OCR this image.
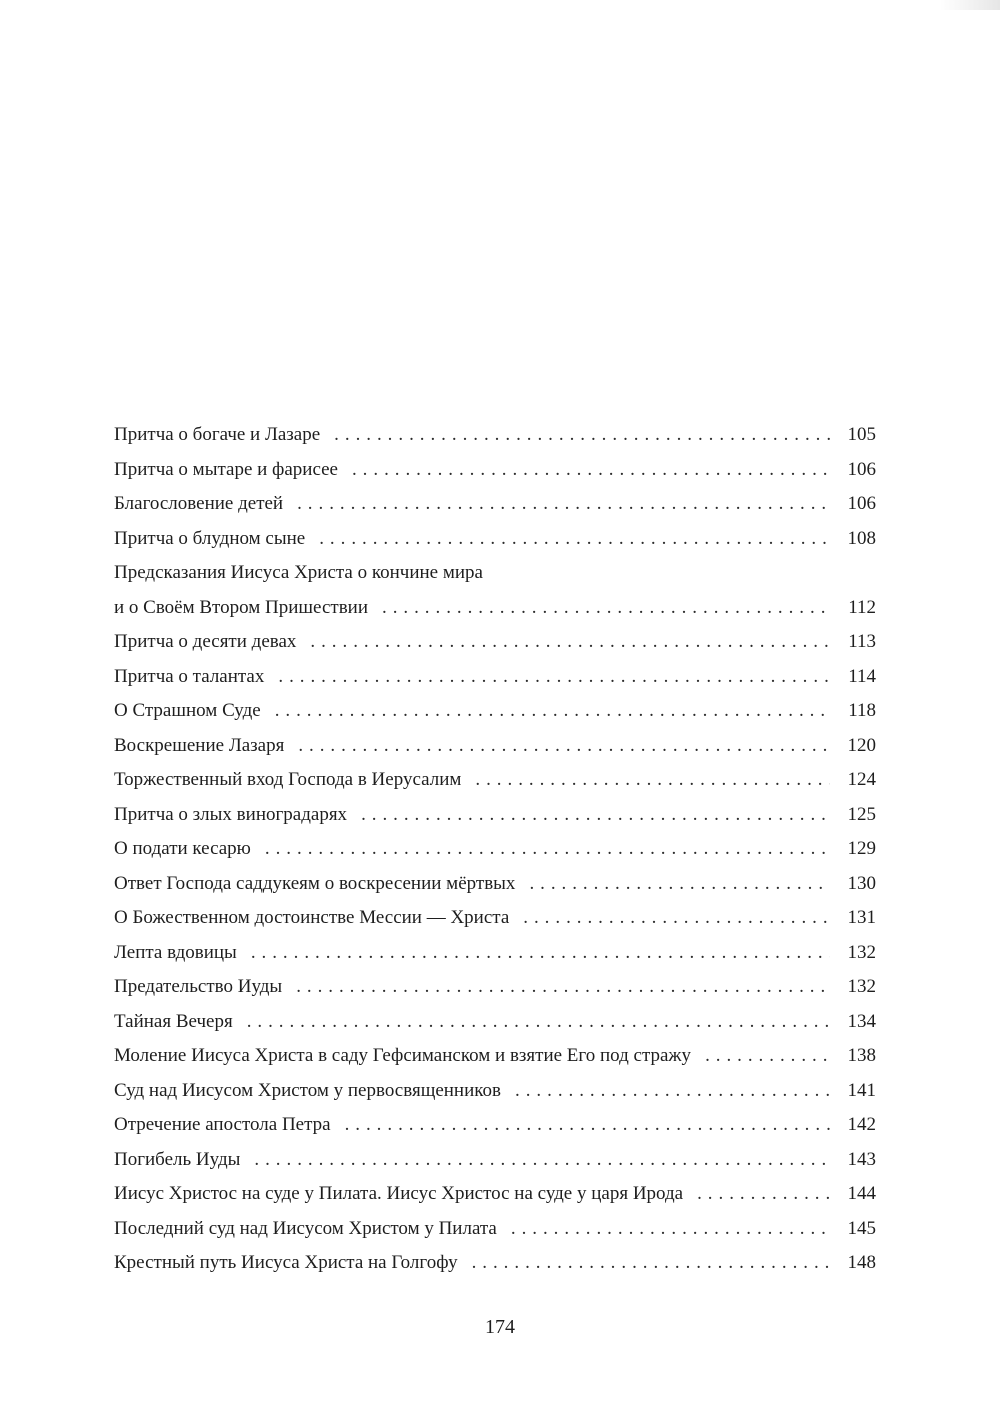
Притча о богаче и Лазаре . . .	105
Притча о мытаре и фарисее . . .	106
Благословение детей . . .	106
Притча о блудном сыне . . .	108
Предсказания Иисуса Христа о кончине мира
и о Своём Втором Пришествии . . .	112
Притча о десяти девах . . .	113
Притча о талантах . . .	114
О Страшном Суде . . .	118
Воскрешение Лазаря . . .	120
Торжественный вход Господа в Иерусалим . . .	124
Притча о злых виноградарях . . .	125
О подати кесарю . . .	129
Ответ Господа саддукеям о воскресении мёртвых . . .	130
О Божественном достоинстве Мессии — Христа . . .	131
Лепта вдовицы . . .	132
Предательство Иуды . . .	132
Тайная Вечеря . . .	134
Моление Иисуса Христа в саду Гефсиманском и взятие Его под стражу . . .	138
Суд над Иисусом Христом у первосвященников . . .	141
Отречение апостола Петра . . .	142
Погибель Иуды . . .	143
Иисус Христос на суде у Пилата. Иисус Христос на суде у царя Ирода . . .	144
Последний суд над Иисусом Христом у Пилата . . .	145
Крестный путь Иисуса Христа на Голгофу . . .	148
174
